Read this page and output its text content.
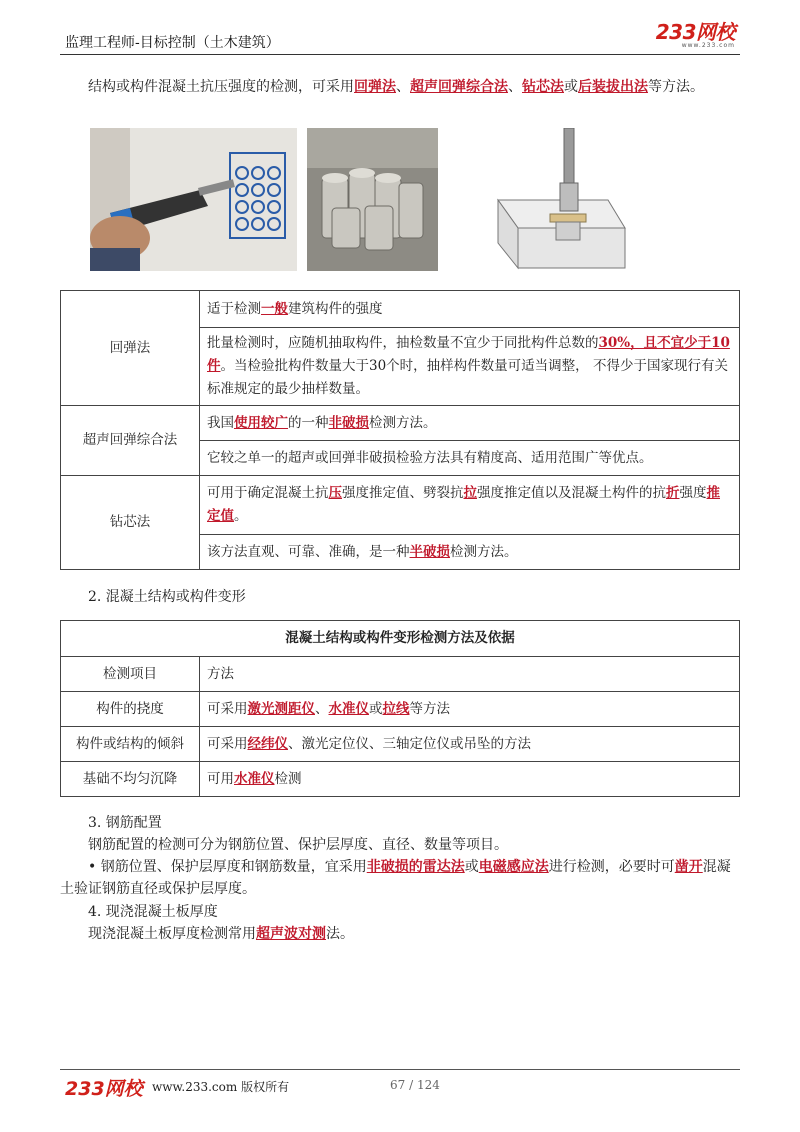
监理工程师-目标控制（土木建筑）	233网校
www.233.com
结构或构件混凝土抗压强度的检测，可采用回弹法、超声回弹综合法、钻芯法或后装拔出法等方法。
回弹法	适于检测一般建筑构件的强度
	批量检测时，应随机抽取构件，抽检数量不宜少于同批构件总数的30%，且不宜少于10件。当检验批构件数量大于30个时，抽样构件数量可适当调整， 不得少于国家现行有关标准规定的最少抽样数量。
超声回弹综合法	我国使用较广的一种非破损检测方法。
	它较之单一的超声或回弹非破损检验方法具有精度高、适用范围广等优点。
钻芯法	可用于确定混凝土抗压强度推定值、劈裂抗拉强度推定值以及混凝土构件的抗折强度推定值。
	该方法直观、可靠、准确，是一种半破损检测方法。
2. 混凝土结构或构件变形
混凝土结构或构件变形检测方法及依据	
检测项目	方法
构件的挠度	可采用激光测距仪、水准仪或拉线等方法
构件或结构的倾斜	可采用经纬仪、激光定位仪、三轴定位仪或吊坠的方法
基础不均匀沉降	可用水准仪检测
3. 钢筋配置
钢筋配置的检测可分为钢筋位置、保护层厚度、直径、数量等项目。
• 钢筋位置、保护层厚度和钢筋数量，宜采用非破损的雷达法或电磁感应法进行检测，必要时可凿开混凝土验证钢筋直径或保护层厚度。
4. 现浇混凝土板厚度
现浇混凝土板厚度检测常用超声波对测法。
233网校 www.233.com 版权所有	67 / 124
